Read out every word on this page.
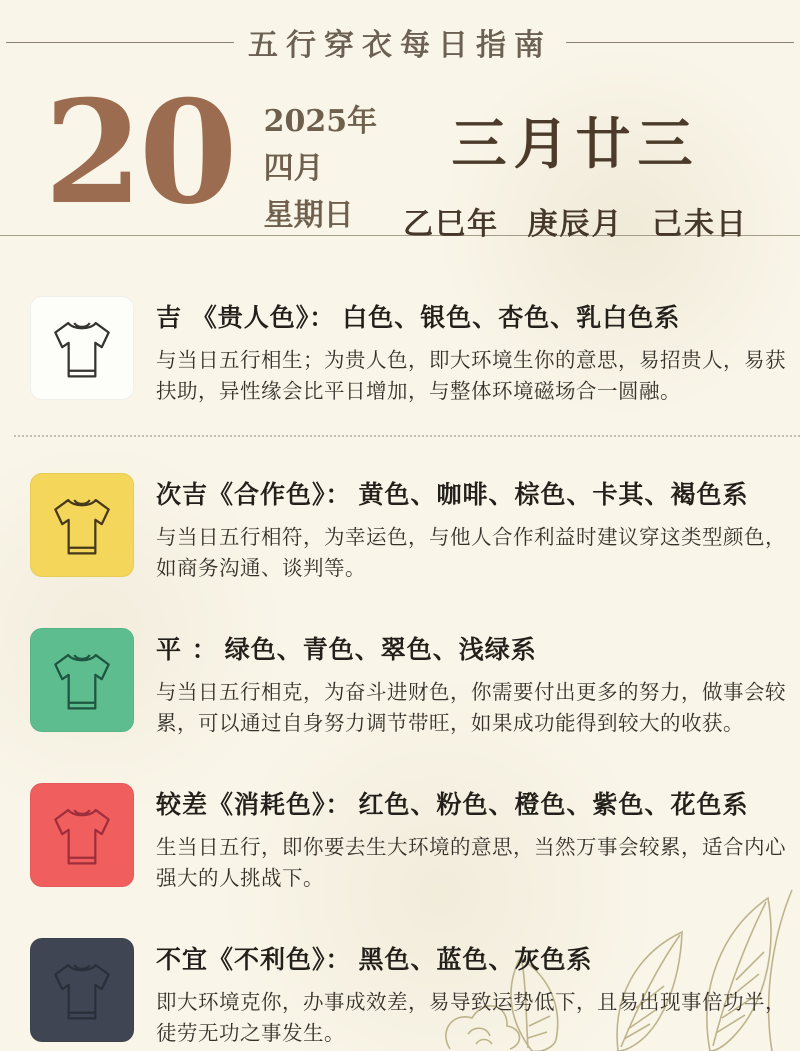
五行穿衣每日指南
20 2025年
四月
星期日
三月廿三
乙巳年 庚辰月 己未日
吉 《贵人色》： 白色、银色、杏色、乳白色系

与当日五行相生；为贵人色，即大环境生你的意思，易招贵人，易获扶助，异性缘会比平日增加，与整体环境磁场合一圆融。

次吉《合作色》： 黄色、咖啡、棕色、卡其、褐色系

与当日五行相符，为幸运色，与他人合作利益时建议穿这类型颜色，如商务沟通、谈判等。

平 ： 绿色、青色、翠色、浅绿系

与当日五行相克，为奋斗进财色，你需要付出更多的努力，做事会较累，可以通过自身努力调节带旺，如果成功能得到较大的收获。

较差《消耗色》： 红色、粉色、橙色、紫色、花色系

生当日五行，即你要去生大环境的意思，当然万事会较累，适合内心强大的人挑战下。

不宜《不利色》： 黑色、蓝色、灰色系

即大环境克你，办事成效差，易导致运势低下，且易出现事倍功半，徒劳无功之事发生。
